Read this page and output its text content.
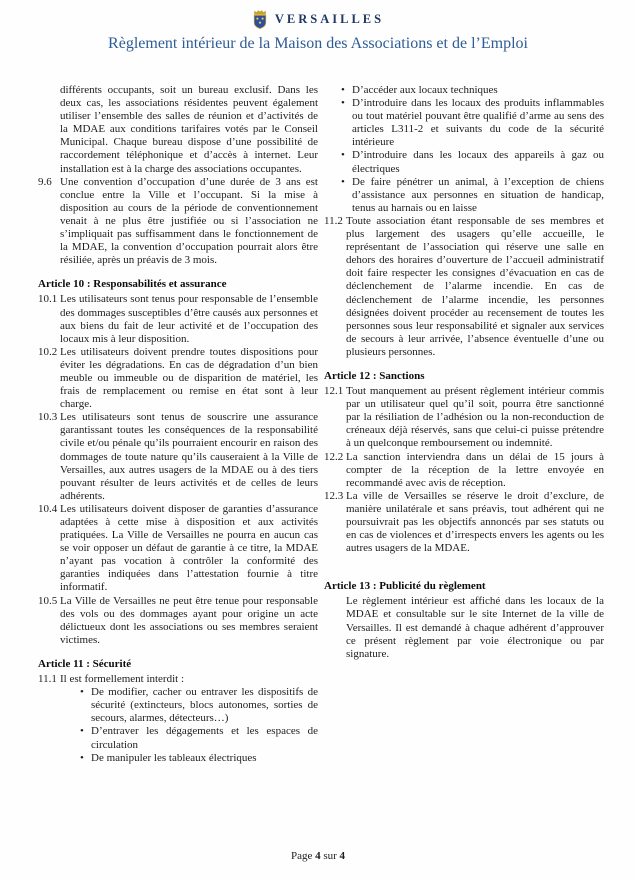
VERSAILLES
Règlement intérieur de la Maison des Associations et de l’Emploi

différents occupants, soit un bureau exclusif. Dans les deux cas, les associations résidentes peuvent également utiliser l’ensemble des salles de réunion et d’activités de la MDAE aux conditions tarifaires votés par le Conseil Municipal. Chaque bureau dispose d’une possibilité de raccordement téléphonique et d’accès à internet. Leur installation est à la charge des associations occupantes.

9.6 Une convention d’occupation d’une durée de 3 ans est conclue entre la Ville et l’occupant. Si la mise à disposition au cours de la période de conventionnement venait à ne plus être justifiée ou si l’association ne s’impliquait pas suffisamment dans le fonctionnement de la MDAE, la convention d’occupation pourrait alors être résiliée, après un préavis de 3 mois.
Article 10 : Responsabilités et assurance
10.1 Les utilisateurs sont tenus pour responsable de l’ensemble des dommages susceptibles d’être causés aux personnes et aux biens du fait de leur activité et de l’occupation des locaux mis à leur disposition.
10.2 Les utilisateurs doivent prendre toutes dispositions pour éviter les dégradations. En cas de dégradation d’un bien meuble ou immeuble ou de disparition de matériel, les frais de remplacement ou remise en état sont à leur charge.
10.3 Les utilisateurs sont tenus de souscrire une assurance garantissant toutes les conséquences de la responsabilité civile et/ou pénale qu’ils pourraient encourir en raison des dommages de toute nature qu’ils causeraient à la Ville de Versailles, aux autres usagers de la MDAE ou à des tiers pouvant résulter de leurs activités et de celles de leurs adhérents.
10.4 Les utilisateurs doivent disposer de garanties d’assurance adaptées à cette mise à disposition et aux activités pratiquées. La Ville de Versailles ne pourra en aucun cas se voir opposer un défaut de garantie à ce titre, la MDAE n’ayant pas vocation à contrôler la conformité des garanties indiquées dans l’attestation fournie à titre informatif.
10.5 La Ville de Versailles ne peut être tenue pour responsable des vols ou des dommages ayant pour origine un acte délictueux dont les associations ou ses membres seraient victimes.
Article 11 : Sécurité
11.1 Il est formellement interdit :
• De modifier, cacher ou entraver les dispositifs de sécurité (extincteurs, blocs autonomes, sorties de secours, alarmes, détecteurs…)
• D’entraver les dégagements et les espaces de circulation
• De manipuler les tableaux électriques
• D’accéder aux locaux techniques
• D’introduire dans les locaux des produits inflammables ou tout matériel pouvant être qualifié d’arme au sens des articles L311-2 et suivants du code de la sécurité intérieure
• D’introduire dans les locaux des appareils à gaz ou électriques
• De faire pénétrer un animal, à l’exception de chiens d’assistance aux personnes en situation de handicap, tenus au harnais ou en laisse
11.2 Toute association étant responsable de ses membres et plus largement des usagers qu’elle accueille, le représentant de l’association qui réserve une salle en dehors des horaires d’ouverture de l’accueil administratif doit faire respecter les consignes d’évacuation en cas de déclenchement de l’alarme incendie. En cas de déclenchement de l’alarme incendie, les personnes désignées doivent procéder au recensement de toutes les personnes sous leur responsabilité et signaler aux services de secours à leur arrivée, l’absence éventuelle d’une ou plusieurs personnes.
Article 12 : Sanctions
12.1 Tout manquement au présent règlement intérieur commis par un utilisateur quel qu’il soit, pourra être sanctionné par la résiliation de l’adhésion ou la non-reconduction de créneaux déjà réservés, sans que celui-ci puisse prétendre à un quelconque remboursement ou indemnité.
12.2 La sanction interviendra dans un délai de 15 jours à compter de la réception de la lettre envoyée en recommandé avec avis de réception.
12.3 La ville de Versailles se réserve le droit d’exclure, de manière unilatérale et sans préavis, tout adhérent qui ne poursuivrait pas les objectifs annoncés par ses statuts ou en cas de violences et d’irrespects envers les agents ou les autres usagers de la MDAE.
Article 13 : Publicité du règlement

Le règlement intérieur est affiché dans les locaux de la MDAE et consultable sur le site Internet de la ville de Versailles. Il est demandé à chaque adhérent d’approuver ce présent règlement par voie électronique ou par signature.

Page 4 sur 4
